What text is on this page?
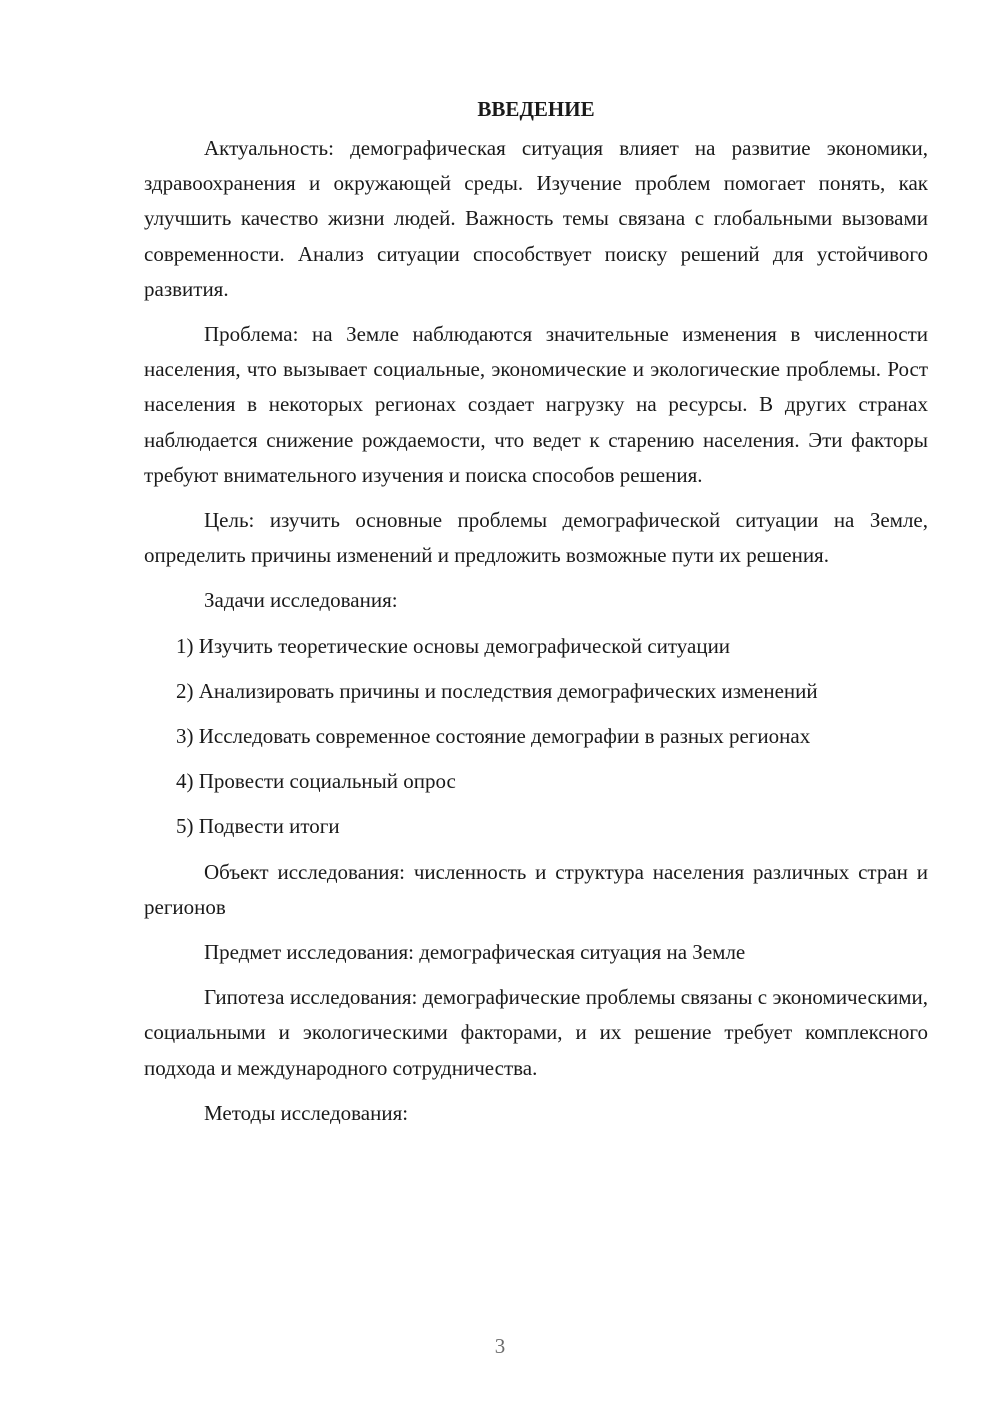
ВВЕДЕНИЕ

Актуальность: демографическая ситуация влияет на развитие экономики, здравоохранения и окружающей среды. Изучение проблем помогает понять, как улучшить качество жизни людей. Важность темы связана с глобальными вызовами современности. Анализ ситуации способствует поиску решений для устойчивого развития.

Проблема: на Земле наблюдаются значительные изменения в численности населения, что вызывает социальные, экономические и экологические проблемы. Рост населения в некоторых регионах создает нагрузку на ресурсы. В других странах наблюдается снижение рождаемости, что ведет к старению населения. Эти факторы требуют внимательного изучения и поиска способов решения.

Цель: изучить основные проблемы демографической ситуации на Земле, определить причины изменений и предложить возможные пути их решения.

Задачи исследования:

1) Изучить теоретические основы демографической ситуации

2) Анализировать причины и последствия демографических изменений

3) Исследовать современное состояние демографии в разных регионах

4) Провести социальный опрос

5) Подвести итоги

Объект исследования: численность и структура населения различных стран и регионов

Предмет исследования: демографическая ситуация на Земле

Гипотеза исследования: демографические проблемы связаны с экономическими, социальными и экологическими факторами, и их решение требует комплексного подхода и международного сотрудничества.

Методы исследования:

3
